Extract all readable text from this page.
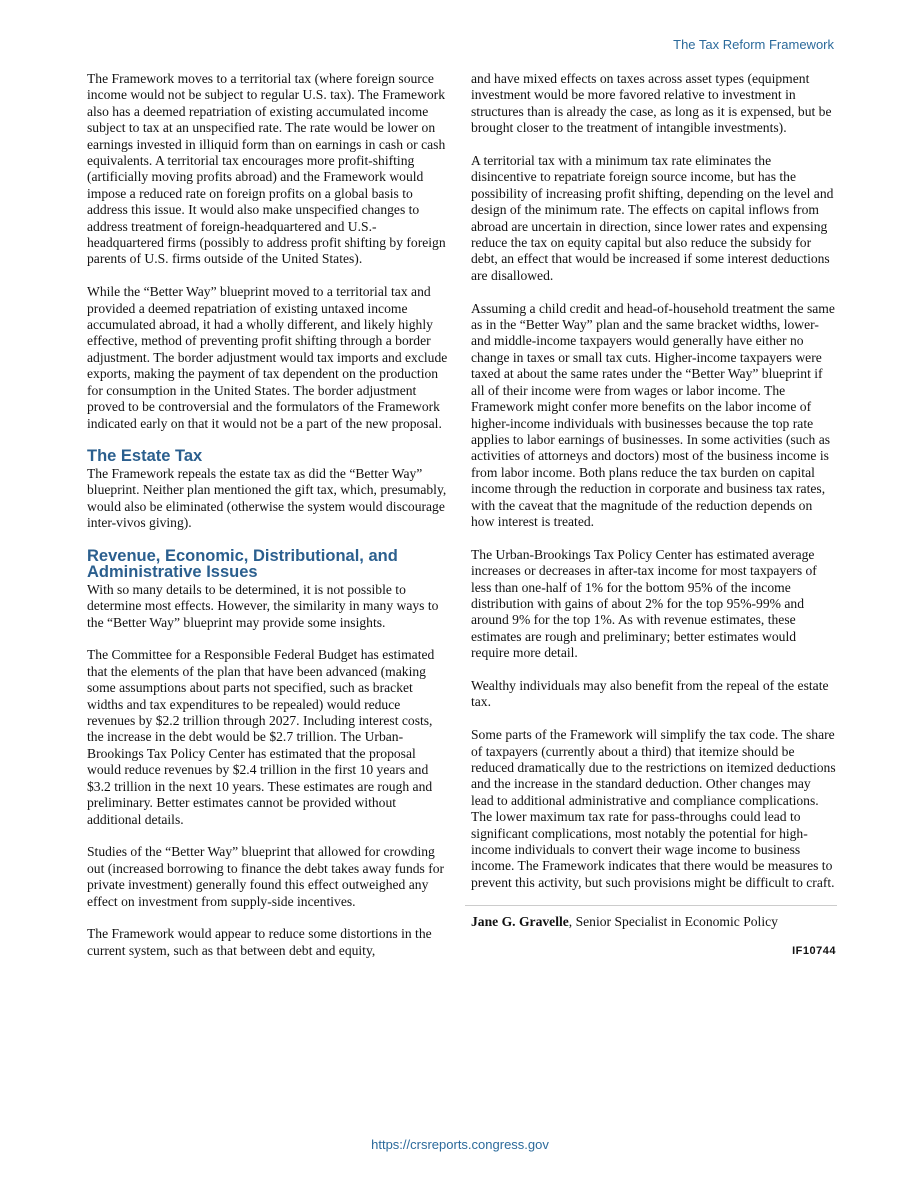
The Tax Reform Framework

The Framework moves to a territorial tax (where foreign source income would not be subject to regular U.S. tax). The Framework also has a deemed repatriation of existing accumulated income subject to tax at an unspecified rate. The rate would be lower on earnings invested in illiquid form than on earnings in cash or cash equivalents. A territorial tax encourages more profit-shifting (artificially moving profits abroad) and the Framework would impose a reduced rate on foreign profits on a global basis to address this issue. It would also make unspecified changes to address treatment of foreign-headquartered and U.S.-headquartered firms (possibly to address profit shifting by foreign parents of U.S. firms outside of the United States).

While the “Better Way” blueprint moved to a territorial tax and provided a deemed repatriation of existing untaxed income accumulated abroad, it had a wholly different, and likely highly effective, method of preventing profit shifting through a border adjustment. The border adjustment would tax imports and exclude exports, making the payment of tax dependent on the production for consumption in the United States. The border adjustment proved to be controversial and the formulators of the Framework indicated early on that it would not be a part of the new proposal.

The Estate Tax

The Framework repeals the estate tax as did the “Better Way” blueprint. Neither plan mentioned the gift tax, which, presumably, would also be eliminated (otherwise the system would discourage inter-vivos giving).

Revenue, Economic, Distributional, and Administrative Issues

With so many details to be determined, it is not possible to determine most effects. However, the similarity in many ways to the “Better Way” blueprint may provide some insights.

The Committee for a Responsible Federal Budget has estimated that the elements of the plan that have been advanced (making some assumptions about parts not specified, such as bracket widths and tax expenditures to be repealed) would reduce revenues by $2.2 trillion through 2027. Including interest costs, the increase in the debt would be $2.7 trillion. The Urban-Brookings Tax Policy Center has estimated that the proposal would reduce revenues by $2.4 trillion in the first 10 years and $3.2 trillion in the next 10 years. These estimates are rough and preliminary. Better estimates cannot be provided without additional details.

Studies of the “Better Way” blueprint that allowed for crowding out (increased borrowing to finance the debt takes away funds for private investment) generally found this effect outweighed any effect on investment from supply-side incentives.

The Framework would appear to reduce some distortions in the current system, such as that between debt and equity,

and have mixed effects on taxes across asset types (equipment investment would be more favored relative to investment in structures than is already the case, as long as it is expensed, but be brought closer to the treatment of intangible investments).

A territorial tax with a minimum tax rate eliminates the disincentive to repatriate foreign source income, but has the possibility of increasing profit shifting, depending on the level and design of the minimum rate. The effects on capital inflows from abroad are uncertain in direction, since lower rates and expensing reduce the tax on equity capital but also reduce the subsidy for debt, an effect that would be increased if some interest deductions are disallowed.

Assuming a child credit and head-of-household treatment the same as in the “Better Way” plan and the same bracket widths, lower- and middle-income taxpayers would generally have either no change in taxes or small tax cuts. Higher-income taxpayers were taxed at about the same rates under the “Better Way” blueprint if all of their income were from wages or labor income. The Framework might confer more benefits on the labor income of higher-income individuals with businesses because the top rate applies to labor earnings of businesses. In some activities (such as activities of attorneys and doctors) most of the business income is from labor income. Both plans reduce the tax burden on capital income through the reduction in corporate and business tax rates, with the caveat that the magnitude of the reduction depends on how interest is treated.

The Urban-Brookings Tax Policy Center has estimated average increases or decreases in after-tax income for most taxpayers of less than one-half of 1% for the bottom 95% of the income distribution with gains of about 2% for the top 95%-99% and around 9% for the top 1%. As with revenue estimates, these estimates are rough and preliminary; better estimates would require more detail.

Wealthy individuals may also benefit from the repeal of the estate tax.

Some parts of the Framework will simplify the tax code. The share of taxpayers (currently about a third) that itemize should be reduced dramatically due to the restrictions on itemized deductions and the increase in the standard deduction. Other changes may lead to additional administrative and compliance complications. The lower maximum tax rate for pass-throughs could lead to significant complications, most notably the potential for high-income individuals to convert their wage income to business income. The Framework indicates that there would be measures to prevent this activity, but such provisions might be difficult to craft.

Jane G. Gravelle, Senior Specialist in Economic Policy

IF10744
https://crsreports.congress.gov
